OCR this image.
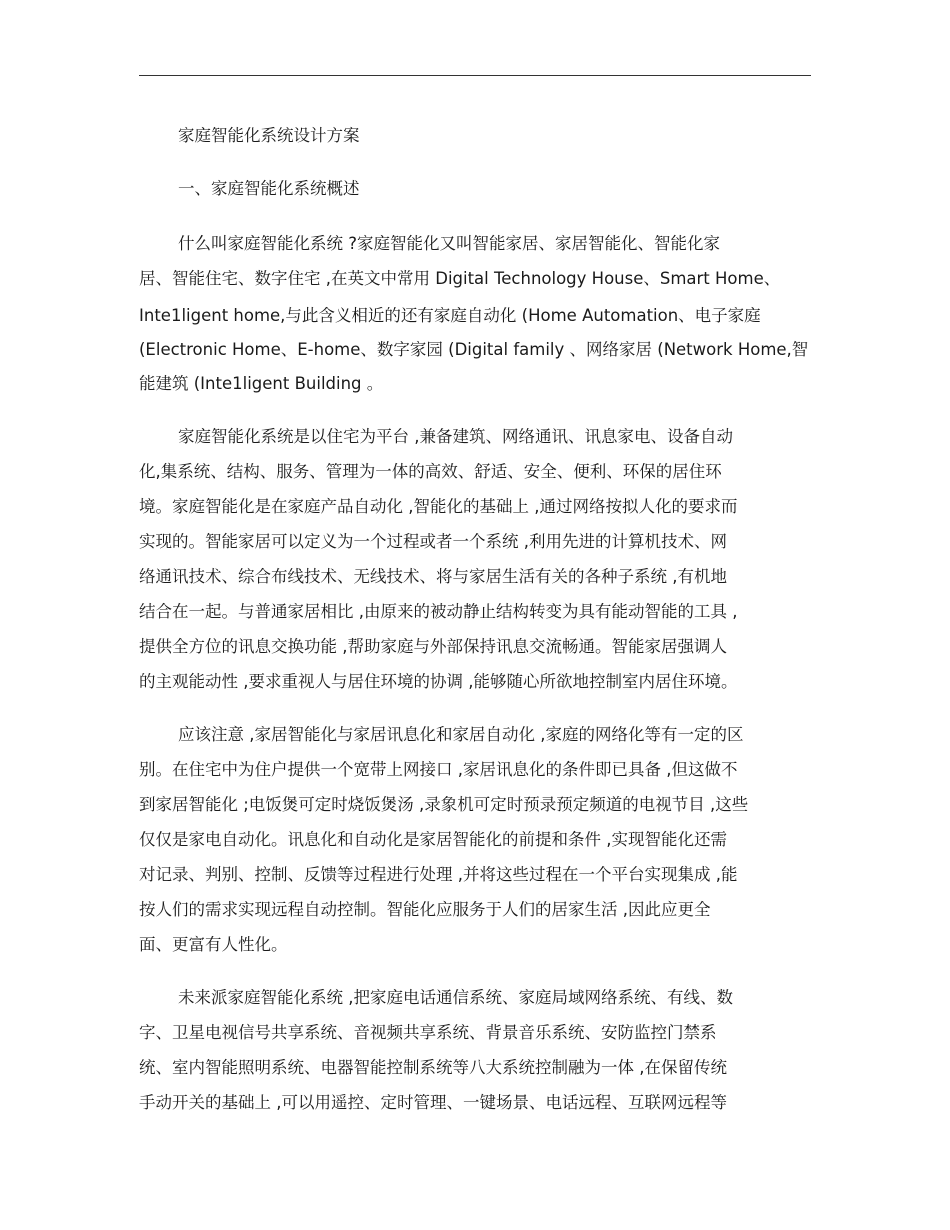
家庭智能化系统设计方案
一、家庭智能化系统概述
什么叫家庭智能化系统 ?家庭智能化又叫智能家居、家居智能化、智能化家
居、智能住宅、数字住宅 ,在英文中常用 Digital Technology House、Smart Home、
Inte1ligent home,与此含义相近的还有家庭自动化 (Home Automation、电子家庭
(Electronic Home、E-home、数字家园 (Digital family 、网络家居 (Network Home,智
能建筑 (Inte1ligent Building 。
家庭智能化系统是以住宅为平台 ,兼备建筑、网络通讯、讯息家电、设备自动
化,集系统、结构、服务、管理为一体的高效、舒适、安全、便利、环保的居住环
境。家庭智能化是在家庭产品自动化 ,智能化的基础上 ,通过网络按拟人化的要求而
实现的。智能家居可以定义为一个过程或者一个系统 ,利用先进的计算机技术、网
络通讯技术、综合布线技术、无线技术、将与家居生活有关的各种子系统 ,有机地
结合在一起。与普通家居相比 ,由原来的被动静止结构转变为具有能动智能的工具 ,
提供全方位的讯息交换功能 ,帮助家庭与外部保持讯息交流畅通。智能家居强调人
的主观能动性 ,要求重视人与居住环境的协调 ,能够随心所欲地控制室内居住环境。
应该注意 ,家居智能化与家居讯息化和家居自动化 ,家庭的网络化等有一定的区
别。在住宅中为住户提供一个宽带上网接口 ,家居讯息化的条件即已具备 ,但这做不
到家居智能化 ;电饭煲可定时烧饭煲汤 ,录象机可定时预录预定频道的电视节目 ,这些
仅仅是家电自动化。讯息化和自动化是家居智能化的前提和条件 ,实现智能化还需
对记录、判别、控制、反馈等过程进行处理 ,并将这些过程在一个平台实现集成 ,能
按人们的需求实现远程自动控制。智能化应服务于人们的居家生活 ,因此应更全
面、更富有人性化。
未来派家庭智能化系统 ,把家庭电话通信系统、家庭局域网络系统、有线、数
字、卫星电视信号共享系统、音视频共享系统、背景音乐系统、安防监控门禁系
统、室内智能照明系统、电器智能控制系统等八大系统控制融为一体 ,在保留传统
手动开关的基础上 ,可以用遥控、定时管理、一键场景、电话远程、互联网远程等
